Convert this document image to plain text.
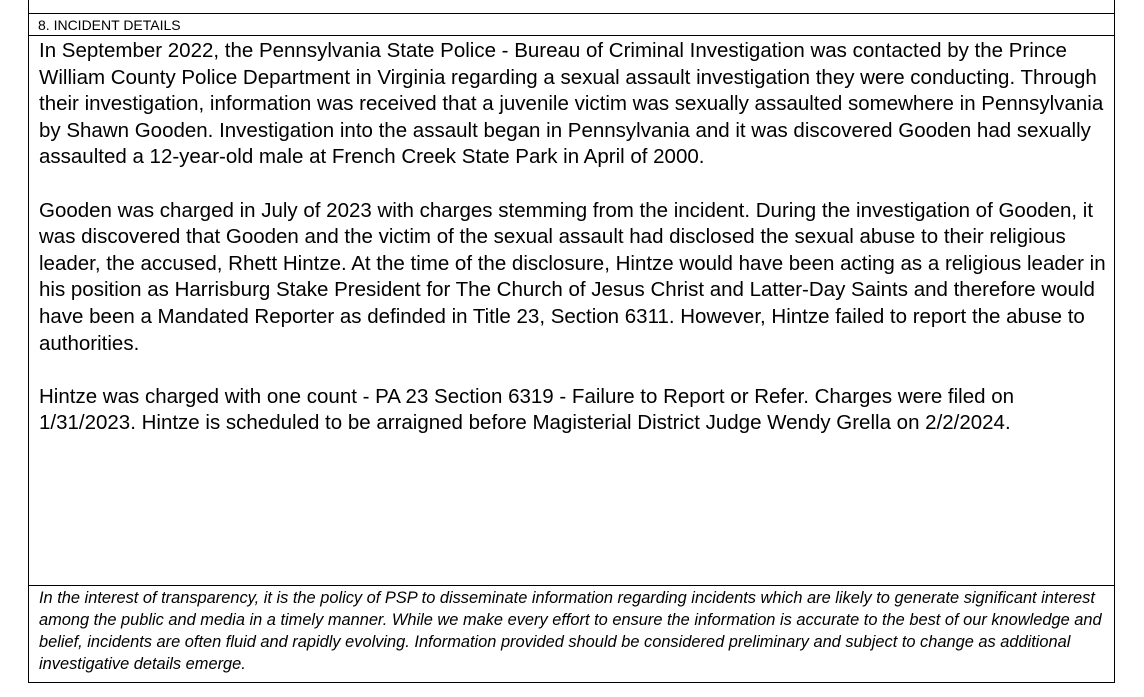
8. INCIDENT DETAILS

In September 2022, the Pennsylvania State Police - Bureau of Criminal Investigation was contacted by the Prince William County Police Department in Virginia regarding a sexual assault investigation they were conducting. Through their investigation, information was received that a juvenile victim was sexually assaulted somewhere in Pennsylvania by Shawn Gooden. Investigation into the assault began in Pennsylvania and it was discovered Gooden had sexually assaulted a 12-year-old male at French Creek State Park in April of 2000.

Gooden was charged in July of 2023 with charges stemming from the incident. During the investigation of Gooden, it was discovered that Gooden and the victim of the sexual assault had disclosed the sexual abuse to their religious leader, the accused, Rhett Hintze. At the time of the disclosure, Hintze would have been acting as a religious leader in his position as Harrisburg Stake President for The Church of Jesus Christ and Latter-Day Saints and therefore would have been a Mandated Reporter as definded in Title 23, Section 6311. However, Hintze failed to report the abuse to authorities.

Hintze was charged with one count - PA 23 Section 6319 - Failure to Report or Refer. Charges were filed on 1/31/2023. Hintze is scheduled to be arraigned before Magisterial District Judge Wendy Grella on 2/2/2024.

In the interest of transparency, it is the policy of PSP to disseminate information regarding incidents which are likely to generate significant interest among the public and media in a timely manner. While we make every effort to ensure the information is accurate to the best of our knowledge and belief, incidents are often fluid and rapidly evolving. Information provided should be considered preliminary and subject to change as additional investigative details emerge.
